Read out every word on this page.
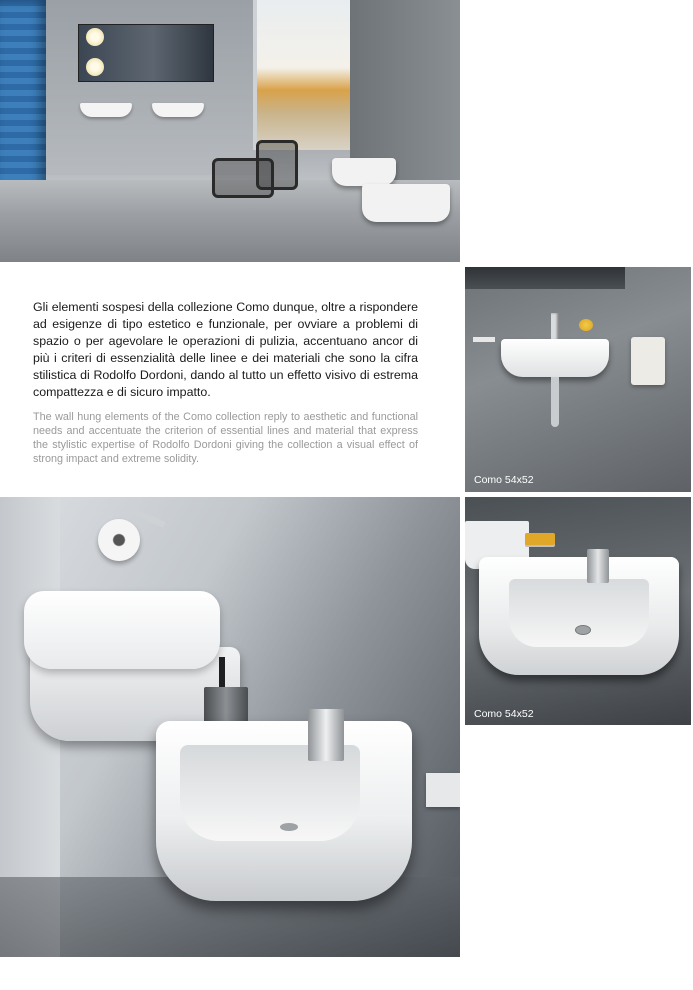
Gli elementi sospesi della collezione Como dunque, oltre a rispondere ad esigenze di tipo estetico e funzionale, per ovviare a problemi di spazio o per agevolare le operazioni di pulizia, accentuano ancor di più i criteri di essenzialità delle linee e dei materiali che sono la cifra stilistica di Rodolfo Dordoni, dando al tutto un effetto visivo di estrema compattezza e di sicuro impatto.

The wall hung elements of the Como collection reply to aesthetic and functional needs and accentuate the criterion of essential lines and material that express the stylistic expertise of Rodolfo Dordoni giving the collection a visual effect of strong impact and extreme solidity.

Como 54x52
Como 54x52
